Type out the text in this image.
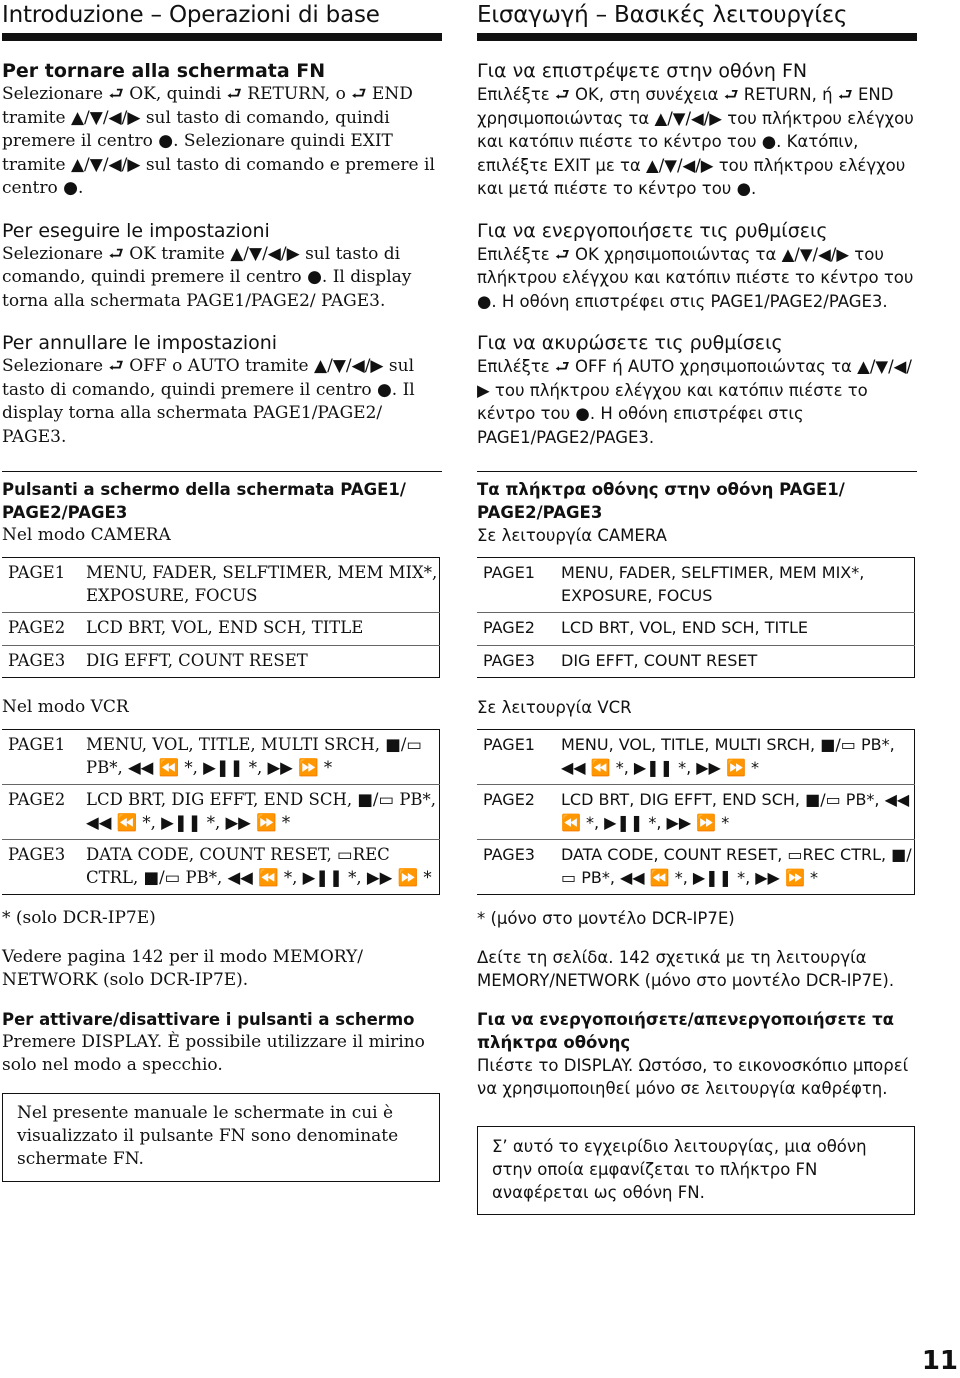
Introduzione – Operazioni di base
Per tornare alla schermata FN
Selezionare ⮐ OK, quindi ⮐ RETURN, o ⮐ END tramite ▲/▼/◀/▶ sul tasto di comando, quindi premere il centro ●. Selezionare quindi EXIT tramite ▲/▼/◀/▶ sul tasto di comando e premere il centro ●.
Per eseguire le impostazioni
Selezionare ⮐ OK tramite ▲/▼/◀/▶ sul tasto di comando, quindi premere il centro ●. Il display torna alla schermata PAGE1/PAGE2/ PAGE3.
Per annullare le impostazioni
Selezionare ⮐ OFF o AUTO tramite ▲/▼/◀/▶ sul tasto di comando, quindi premere il centro ●. Il display torna alla schermata PAGE1/PAGE2/ PAGE3.
Pulsanti a schermo della schermata PAGE1/ PAGE2/PAGE3
Nel modo CAMERA
PAGE1	MENU, FADER, SELFTIMER, MEM MIX*, EXPOSURE, FOCUS
PAGE2	LCD BRT, VOL, END SCH, TITLE
PAGE3	DIG EFFT, COUNT RESET
Nel modo VCR
PAGE1	MENU, VOL, TITLE, MULTI SRCH, ■/▭ PB*, ◀◀ ⏪ *, ▶❚❚ *, ▶▶ ⏩ *
PAGE2	LCD BRT, DIG EFFT, END SCH, ■/▭ PB*, ◀◀ ⏪ *, ▶❚❚ *, ▶▶ ⏩ *
PAGE3	DATA CODE, COUNT RESET, ▭REC CTRL, ■/▭ PB*, ◀◀ ⏪ *, ▶❚❚ *, ▶▶ ⏩ *
* (solo DCR-IP7E)
Vedere pagina 142 per il modo MEMORY/ NETWORK (solo DCR-IP7E).
Per attivare/disattivare i pulsanti a schermo
Premere DISPLAY. È possibile utilizzare il mirino solo nel modo a specchio.
Nel presente manuale le schermate in cui è visualizzato il pulsante FN sono denominate schermate FN.
Εισαγωγή – Βασικές λειτουργίες
Για να επιστρέψετε στην οθόνη FN
Επιλέξτε ⮐ OK, στη συνέχεια ⮐ RETURN, ή ⮐ END χρησιμοποιώντας τα ▲/▼/◀/▶ του πλήκτρου ελέγχου και κατόπιν πιέστε το κέντρο του ●. Κατόπιν, επιλέξτε EXIT με τα ▲/▼/◀/▶ του πλήκτρου ελέγχου και μετά πιέστε το κέντρο του ●.
Για να ενεργοποιήσετε τις ρυθμίσεις
Επιλέξτε ⮐ OK χρησιμοποιώντας τα ▲/▼/◀/▶ του πλήκτρου ελέγχου και κατόπιν πιέστε το κέντρο του ●. Η οθόνη επιστρέφει στις PAGE1/PAGE2/PAGE3.
Για να ακυρώσετε τις ρυθμίσεις
Επιλέξτε ⮐ OFF ή AUTO χρησιμοποιώντας τα ▲/▼/◀/▶ του πλήκτρου ελέγχου και κατόπιν πιέστε το κέντρο του ●. Η οθόνη επιστρέφει στις PAGE1/PAGE2/PAGE3.
Τα πλήκτρα οθόνης στην οθόνη PAGE1/ PAGE2/PAGE3
Σε λειτουργία CAMERA
PAGE1	MENU, FADER, SELFTIMER, MEM MIX*, EXPOSURE, FOCUS
PAGE2	LCD BRT, VOL, END SCH, TITLE
PAGE3	DIG EFFT, COUNT RESET
Σε λειτουργία VCR
PAGE1	MENU, VOL, TITLE, MULTI SRCH, ■/▭ PB*, ◀◀ ⏪ *, ▶❚❚ *, ▶▶ ⏩ *
PAGE2	LCD BRT, DIG EFFT, END SCH, ■/▭ PB*, ◀◀ ⏪ *, ▶❚❚ *, ▶▶ ⏩ *
PAGE3	DATA CODE, COUNT RESET, ▭REC CTRL, ■/▭ PB*, ◀◀ ⏪ *, ▶❚❚ *, ▶▶ ⏩ *
* (μόνο στο μοντέλο DCR-IP7E)
Δείτε τη σελίδα. 142 σχετικά με τη λειτουργία MEMORY/NETWORK (μόνο στο μοντέλο DCR-IP7E).
Για να ενεργοποιήσετε/απενεργοποιήσετε τα πλήκτρα οθόνης
Πιέστε το DISPLAY. Ωστόσο, το εικονοσκόπιο μπορεί να χρησιμοποιηθεί μόνο σε λειτουργία καθρέφτη.
Σ’ αυτό το εγχειρίδιο λειτουργίας, μια οθόνη στην οποία εμφανίζεται το πλήκτρο FN αναφέρεται ως οθόνη FN.
11
